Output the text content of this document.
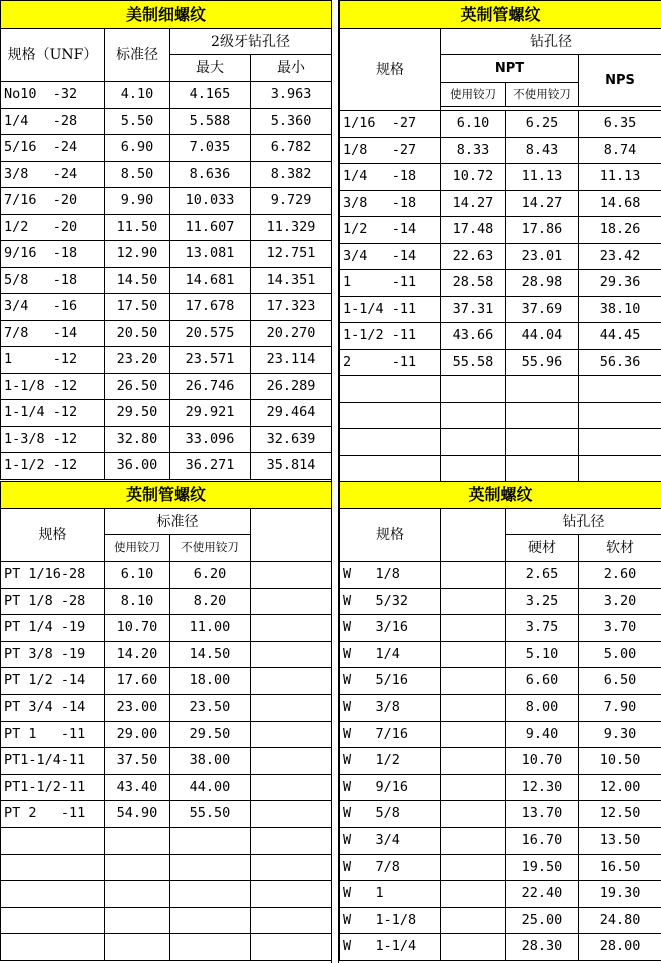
美制细螺纹			
规格（UNF）	标准径	2级牙钻孔径	
		最大	最小
No10  -32	4.10	4.165	3.963
1/4   -28	5.50	5.588	5.360
5/16  -24	6.90	7.035	6.782
3/8   -24	8.50	8.636	8.382
7/16  -20	9.90	10.033	9.729
1/2   -20	11.50	11.607	11.329
9/16  -18	12.90	13.081	12.751
5/8   -18	14.50	14.681	14.351
3/4   -16	17.50	17.678	17.323
7/8   -14	20.50	20.575	20.270
1     -12	23.20	23.571	23.114
1-1/8 -12	26.50	26.746	26.289
1-1/4 -12	29.50	29.921	29.464
1-3/8 -12	32.80	33.096	32.639
1-1/2 -12	36.00	36.271	35.814
英制管螺纹			
规格	钻孔径		
	NPT		NPS
	使用铰刀	不使用铰刀	

1/16  -27	6.10	6.25	6.35
1/8   -27	8.33	8.43	8.74
1/4   -18	10.72	11.13	11.13
3/8   -18	14.27	14.27	14.68
1/2   -14	17.48	17.86	18.26
3/4   -14	22.63	23.01	23.42
1     -11	28.58	28.98	29.36
1-1/4 -11	37.31	37.69	38.10
1-1/2 -11	43.66	44.04	44.45
2     -11	55.58	55.96	56.36

英制管螺纹			
规格	标准径		
	使用铰刀	不使用铰刀	
PT 1/16-28	6.10	6.20	
PT 1/8 -28	8.10	8.20	
PT 1/4 -19	10.70	11.00	
PT 3/8 -19	14.20	14.50	
PT 1/2 -14	17.60	18.00	
PT 3/4 -14	23.00	23.50	
PT 1   -11	29.00	29.50	
PT1-1/4-11	37.50	38.00	
PT1-1/2-11	43.40	44.00	
PT 2   -11	54.90	55.50	

英制螺纹			
规格		钻孔径	
		硬材	软材
W   1/8		2.65	2.60
W   5/32		3.25	3.20
W   3/16		3.75	3.70
W   1/4		5.10	5.00
W   5/16		6.60	6.50
W   3/8		8.00	7.90
W   7/16		9.40	9.30
W   1/2		10.70	10.50
W   9/16		12.30	12.00
W   5/8		13.70	12.50
W   3/4		16.70	13.50
W   7/8		19.50	16.50
W   1		22.40	19.30
W   1-1/8		25.00	24.80
W   1-1/4		28.30	28.00
